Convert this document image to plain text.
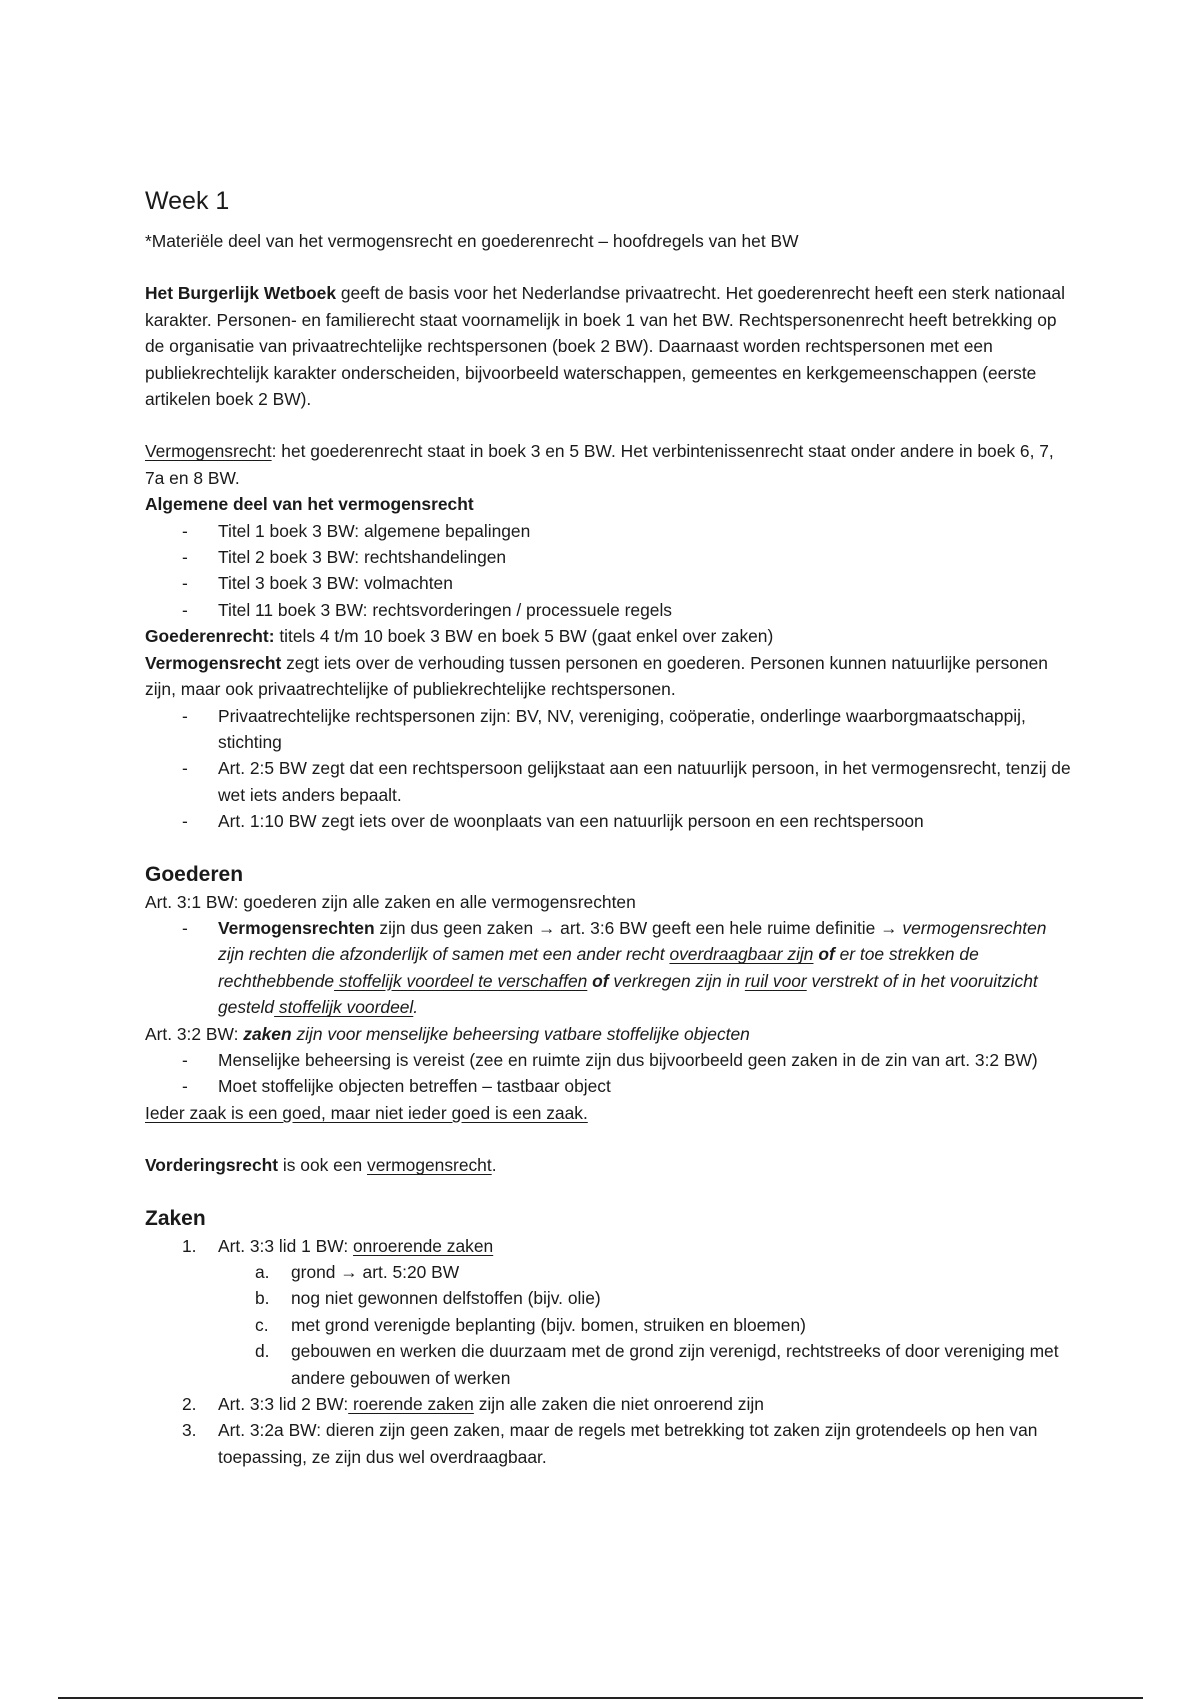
Week 1

*Materiële deel van het vermogensrecht en goederenrecht – hoofdregels van het BW

Het Burgerlijk Wetboek geeft de basis voor het Nederlandse privaatrecht. Het goederenrecht heeft een sterk nationaal karakter. Personen- en familierecht staat voornamelijk in boek 1 van het BW. Rechtspersonenrecht heeft betrekking op de organisatie van privaatrechtelijke rechtspersonen (boek 2 BW). Daarnaast worden rechtspersonen met een publiekrechtelijk karakter onderscheiden, bijvoorbeeld waterschappen, gemeentes en kerkgemeenschappen (eerste artikelen boek 2 BW).

Vermogensrecht: het goederenrecht staat in boek 3 en 5 BW. Het verbintenissenrecht staat onder andere in boek 6, 7, 7a en 8 BW.

Algemene deel van het vermogensrecht

- Titel 1 boek 3 BW: algemene bepalingen
- Titel 2 boek 3 BW: rechtshandelingen
- Titel 3 boek 3 BW: volmachten
- Titel 11 boek 3 BW: rechtsvorderingen / processuele regels

Goederenrecht: titels 4 t/m 10 boek 3 BW en boek 5 BW (gaat enkel over zaken)

Vermogensrecht zegt iets over de verhouding tussen personen en goederen. Personen kunnen natuurlijke personen zijn, maar ook privaatrechtelijke of publiekrechtelijke rechtspersonen.

- Privaatrechtelijke rechtspersonen zijn: BV, NV, vereniging, coöperatie, onderlinge waarborgmaatschappij, stichting
- Art. 2:5 BW zegt dat een rechtspersoon gelijkstaat aan een natuurlijk persoon, in het vermogensrecht, tenzij de wet iets anders bepaalt.
- Art. 1:10 BW zegt iets over de woonplaats van een natuurlijk persoon en een rechtspersoon

Goederen

Art. 3:1 BW: goederen zijn alle zaken en alle vermogensrechten

- Vermogensrechten zijn dus geen zaken → art. 3:6 BW geeft een hele ruime definitie → vermogensrechten zijn rechten die afzonderlijk of samen met een ander recht overdraagbaar zijn of er toe strekken de rechthebbende stoffelijk voordeel te verschaffen of verkregen zijn in ruil voor verstrekt of in het vooruitzicht gesteld stoffelijk voordeel.

Art. 3:2 BW: zaken zijn voor menselijke beheersing vatbare stoffelijke objecten

- Menselijke beheersing is vereist (zee en ruimte zijn dus bijvoorbeeld geen zaken in de zin van art. 3:2 BW)
- Moet stoffelijke objecten betreffen – tastbaar object

Ieder zaak is een goed, maar niet ieder goed is een zaak.

Vorderingsrecht is ook een vermogensrecht.

Zaken

1. Art. 3:3 lid 1 BW: onroerende zaken
a. grond → art. 5:20 BW
b. nog niet gewonnen delfstoffen (bijv. olie)
c. met grond verenigde beplanting (bijv. bomen, struiken en bloemen)
d. gebouwen en werken die duurzaam met de grond zijn verenigd, rechtstreeks of door vereniging met andere gebouwen of werken
2. Art. 3:3 lid 2 BW: roerende zaken zijn alle zaken die niet onroerend zijn
3. Art. 3:2a BW: dieren zijn geen zaken, maar de regels met betrekking tot zaken zijn grotendeels op hen van toepassing, ze zijn dus wel overdraagbaar.
